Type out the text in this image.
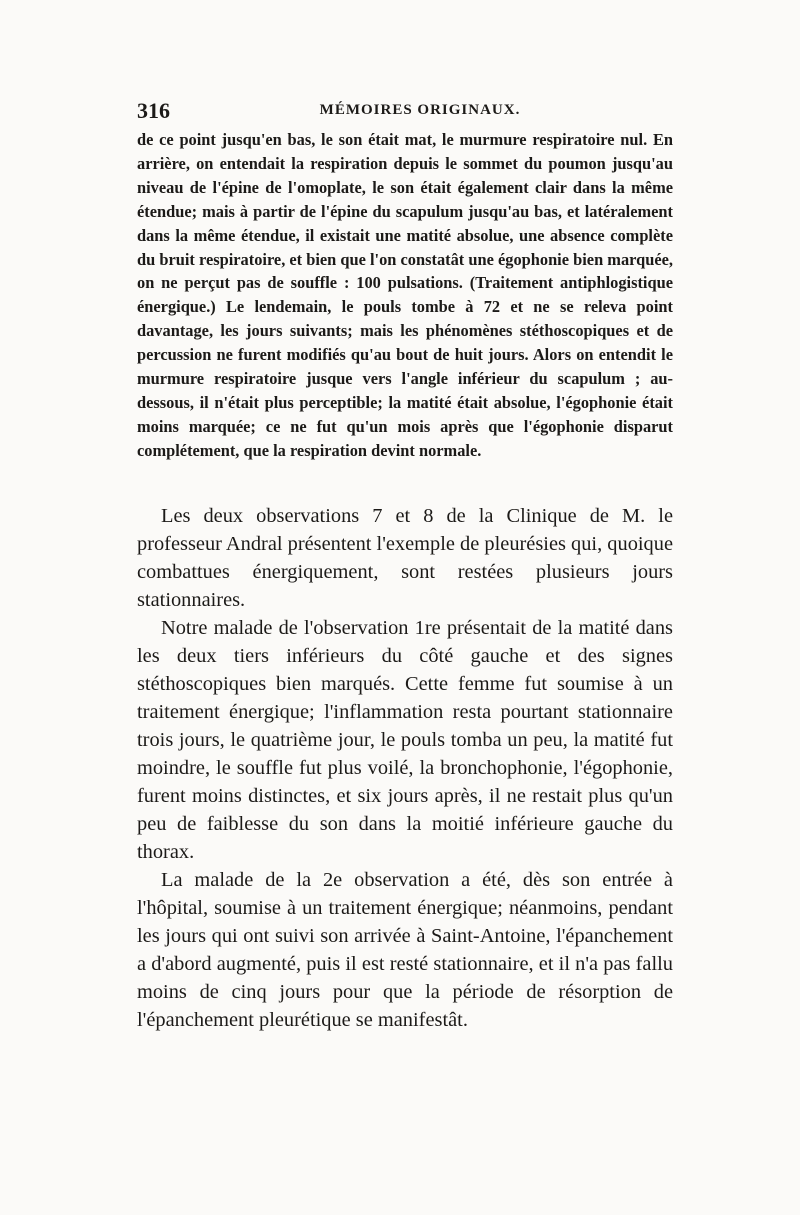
316	MÉMOIRES ORIGINAUX.

de ce point jusqu'en bas, le son était mat, le murmure respiratoire nul. En arrière, on entendait la respiration depuis le sommet du poumon jusqu'au niveau de l'épine de l'omoplate, le son était également clair dans la même étendue; mais à partir de l'épine du scapulum jusqu'au bas, et latéralement dans la même étendue, il existait une matité absolue, une absence complète du bruit respiratoire, et bien que l'on constatât une égophonie bien marquée, on ne perçut pas de souffle : 100 pulsations. (Traitement antiphlogistique énergique.) Le lendemain, le pouls tombe à 72 et ne se releva point davantage, les jours suivants; mais les phénomènes stéthoscopiques et de percussion ne furent modifiés qu'au bout de huit jours. Alors on entendit le murmure respiratoire jusque vers l'angle inférieur du scapulum ; au-dessous, il n'était plus perceptible; la matité était absolue, l'égophonie était moins marquée; ce ne fut qu'un mois après que l'égophonie disparut complétement, que la respiration devint normale.

Les deux observations 7 et 8 de la Clinique de M. le professeur Andral présentent l'exemple de pleurésies qui, quoique combattues énergiquement, sont restées plusieurs jours stationnaires.

Notre malade de l'observation 1re présentait de la matité dans les deux tiers inférieurs du côté gauche et des signes stéthoscopiques bien marqués. Cette femme fut soumise à un traitement énergique; l'inflammation resta pourtant stationnaire trois jours, le quatrième jour, le pouls tomba un peu, la matité fut moindre, le souffle fut plus voilé, la bronchophonie, l'égophonie, furent moins distinctes, et six jours après, il ne restait plus qu'un peu de faiblesse du son dans la moitié inférieure gauche du thorax.

La malade de la 2e observation a été, dès son entrée à l'hôpital, soumise à un traitement énergique; néanmoins, pendant les jours qui ont suivi son arrivée à Saint-Antoine, l'épanchement a d'abord augmenté, puis il est resté stationnaire, et il n'a pas fallu moins de cinq jours pour que la période de résorption de l'épanchement pleurétique se manifestât.
